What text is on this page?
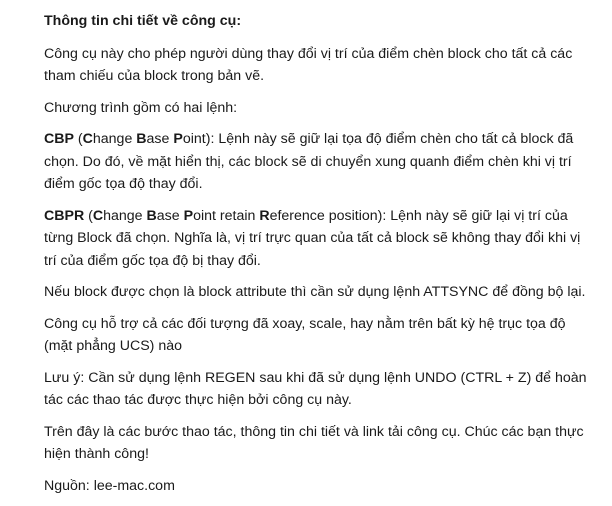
Thông tin chi tiết về công cụ:

Công cụ này cho phép người dùng thay đổi vị trí của điểm chèn block cho tất cả các tham chiếu của block trong bản vẽ.

Chương trình gồm có hai lệnh:

CBP (Change Base Point): Lệnh này sẽ giữ lại tọa độ điểm chèn cho tất cả block đã chọn. Do đó, về mặt hiển thị, các block sẽ di chuyển xung quanh điểm chèn khi vị trí điểm gốc tọa độ thay đổi.

CBPR (Change Base Point retain Reference position): Lệnh này sẽ giữ lại vị trí của từng Block đã chọn. Nghĩa là, vị trí trực quan của tất cả block sẽ không thay đổi khi vị trí của điểm gốc tọa độ bị thay đổi.

Nếu block được chọn là block attribute thì cần sử dụng lệnh ATTSYNC để đồng bộ lại.

Công cụ hỗ trợ cả các đối tượng đã xoay, scale, hay nằm trên bất kỳ hệ trục tọa độ (mặt phẳng UCS) nào

Lưu ý: Cần sử dụng lệnh REGEN sau khi đã sử dụng lệnh UNDO (CTRL + Z) để hoàn tác các thao tác được thực hiện bởi công cụ này.

Trên đây là các bước thao tác, thông tin chi tiết và link tải công cụ. Chúc các bạn thực hiện thành công!

Nguồn: lee-mac.com
